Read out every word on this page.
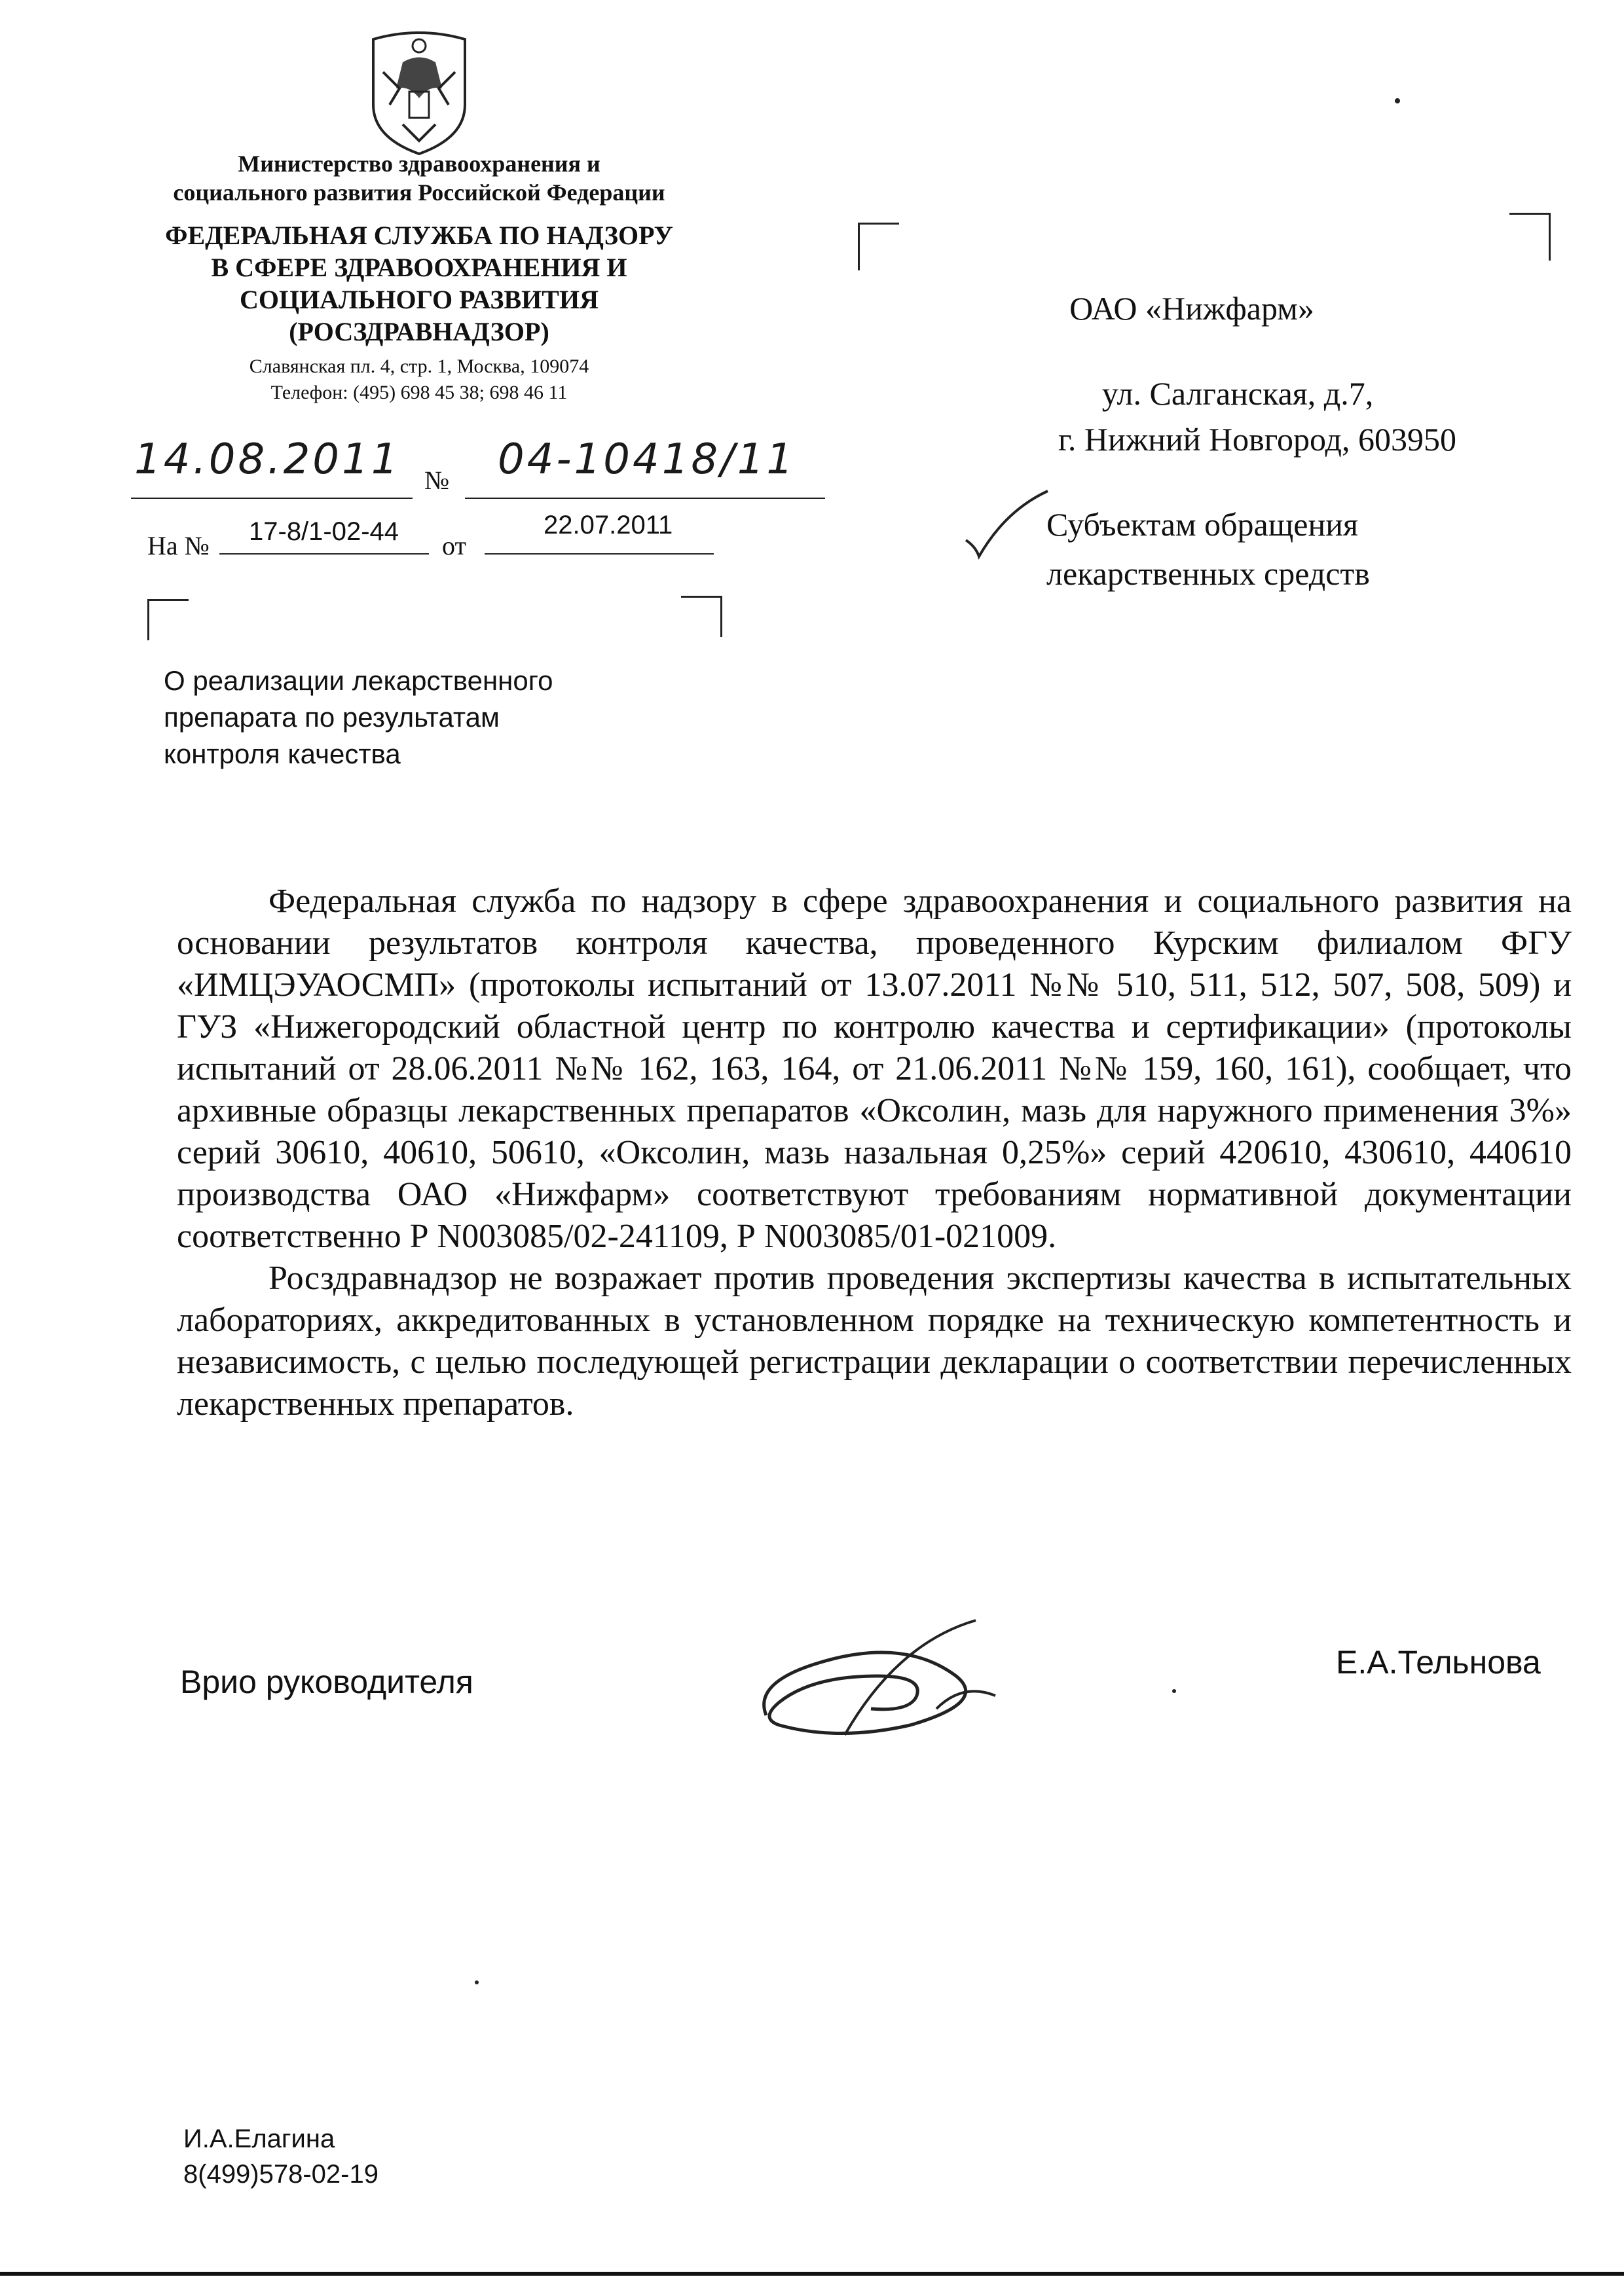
Министерство здравоохранения и
социального развития Российской Федерации
ФЕДЕРАЛЬНАЯ СЛУЖБА ПО НАДЗОРУ
В СФЕРЕ ЗДРАВООХРАНЕНИЯ И
СОЦИАЛЬНОГО РАЗВИТИЯ
(РОСЗДРАВНАДЗОР)
Славянская пл. 4, стр. 1, Москва, 109074
Телефон: (495) 698 45 38; 698 46 11
14.08.2011 № 04-10418/11
На № 17-8/1-02-44 от
22.07.2011
ОАО «Нижфарм»
ул. Салганская, д.7,
г. Нижний Новгород, 603950
Субъектам обращения
лекарственных средств
О реализации лекарственного
препарата по результатам
контроля качества

Федеральная служба по надзору в сфере здравоохранения и социального развития на основании результатов контроля качества, проведенного Курским филиалом ФГУ «ИМЦЭУАОСМП» (протоколы испытаний от 13.07.2011 №№ 510, 511, 512, 507, 508, 509) и ГУЗ «Нижегородский областной центр по контролю качества и сертификации» (протоколы испытаний от 28.06.2011 №№ 162, 163, 164, от 21.06.2011 №№ 159, 160, 161), сообщает, что архивные образцы лекарственных препаратов «Оксолин, мазь для наружного применения 3%» серий 30610, 40610, 50610, «Оксолин, мазь назальная 0,25%» серий 420610, 430610, 440610 производства ОАО «Нижфарм» соответствуют требованиям нормативной документации соответственно Р N003085/02-241109, Р N003085/01-021009.

Росздравнадзор не возражает против проведения экспертизы качества в испытательных лабораториях, аккредитованных в установленном порядке на техническую компетентность и независимость, с целью последующей регистрации декларации о соответствии перечисленных лекарственных препаратов.

Врио руководителя
Е.А.Тельнова
И.А.Елагина
8(499)578-02-19
